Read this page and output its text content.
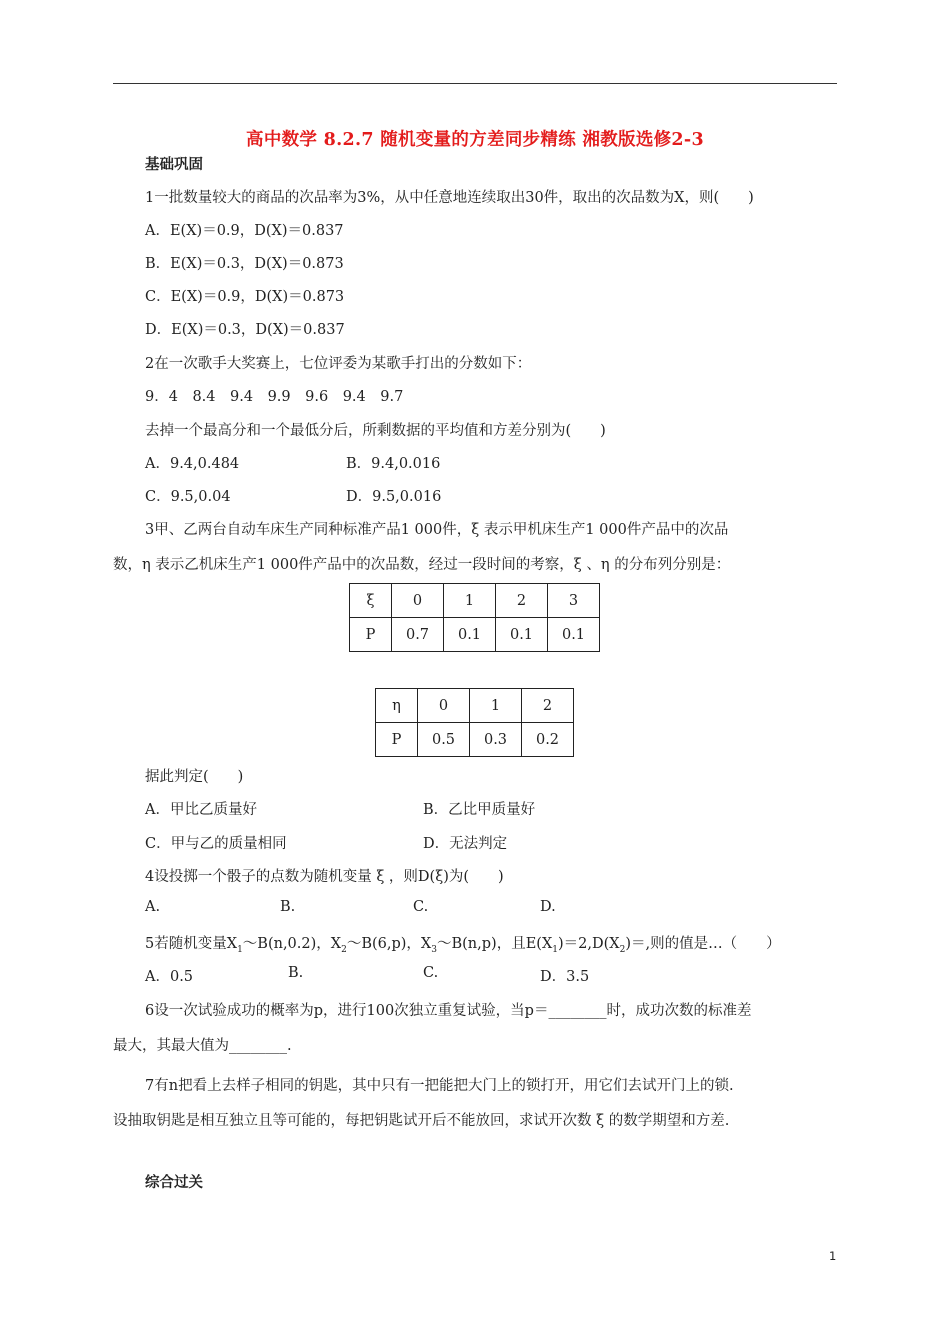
高中数学 8.2.7 随机变量的方差同步精练 湘教版选修2-3
基础巩固
1一批数量较大的商品的次品率为3%，从中任意地连续取出30件，取出的次品数为X，则(　　)
A．E(X)＝0.9，D(X)＝0.837
B．E(X)＝0.3，D(X)＝0.873
C．E(X)＝0.9，D(X)＝0.873
D．E(X)＝0.3，D(X)＝0.837
2在一次歌手大奖赛上，七位评委为某歌手打出的分数如下：
9．4　8.4　9.4　9.9　9.6　9.4　9.7
去掉一个最高分和一个最低分后，所剩数据的平均值和方差分别为(　　)
A．9.4,0.484	B．9.4,0.016
C．9.5,0.04	D．9.5,0.016
3甲、乙两台自动车床生产同种标准产品1 000件，ξ 表示甲机床生产1 000件产品中的次品
数，η 表示乙机床生产1 000件产品中的次品数，经过一段时间的考察，ξ 、η 的分布列分别是：
ξ	0	1	2	3
P	0.7	0.1	0.1	0.1
η	0	1	2
P	0.5	0.3	0.2
据此判定(　　)
A．甲比乙质量好	B．乙比甲质量好
C．甲与乙的质量相同	D．无法判定
4设投掷一个骰子的点数为随机变量 ξ ，则D(ξ)为(　　)
A.	B.	C.	D.
5若随机变量$X_1\sim B(n,0.2)$，$X_2\sim B(6,p)$，$X_3\sim B(n,p)$，且$E(X_1)=2,D(X_2)=$,则的值是…（　　）
A．0.5	B.	C.	D．3.5
6设一次试验成功的概率为p，进行100次独立重复试验，当p＝________时，成功次数的标准差
最大，其最大值为________.
7有n把看上去样子相同的钥匙，其中只有一把能把大门上的锁打开，用它们去试开门上的锁.
设抽取钥匙是相互独立且等可能的，每把钥匙试开后不能放回，求试开次数 ξ 的数学期望和方差.
综合过关
1
